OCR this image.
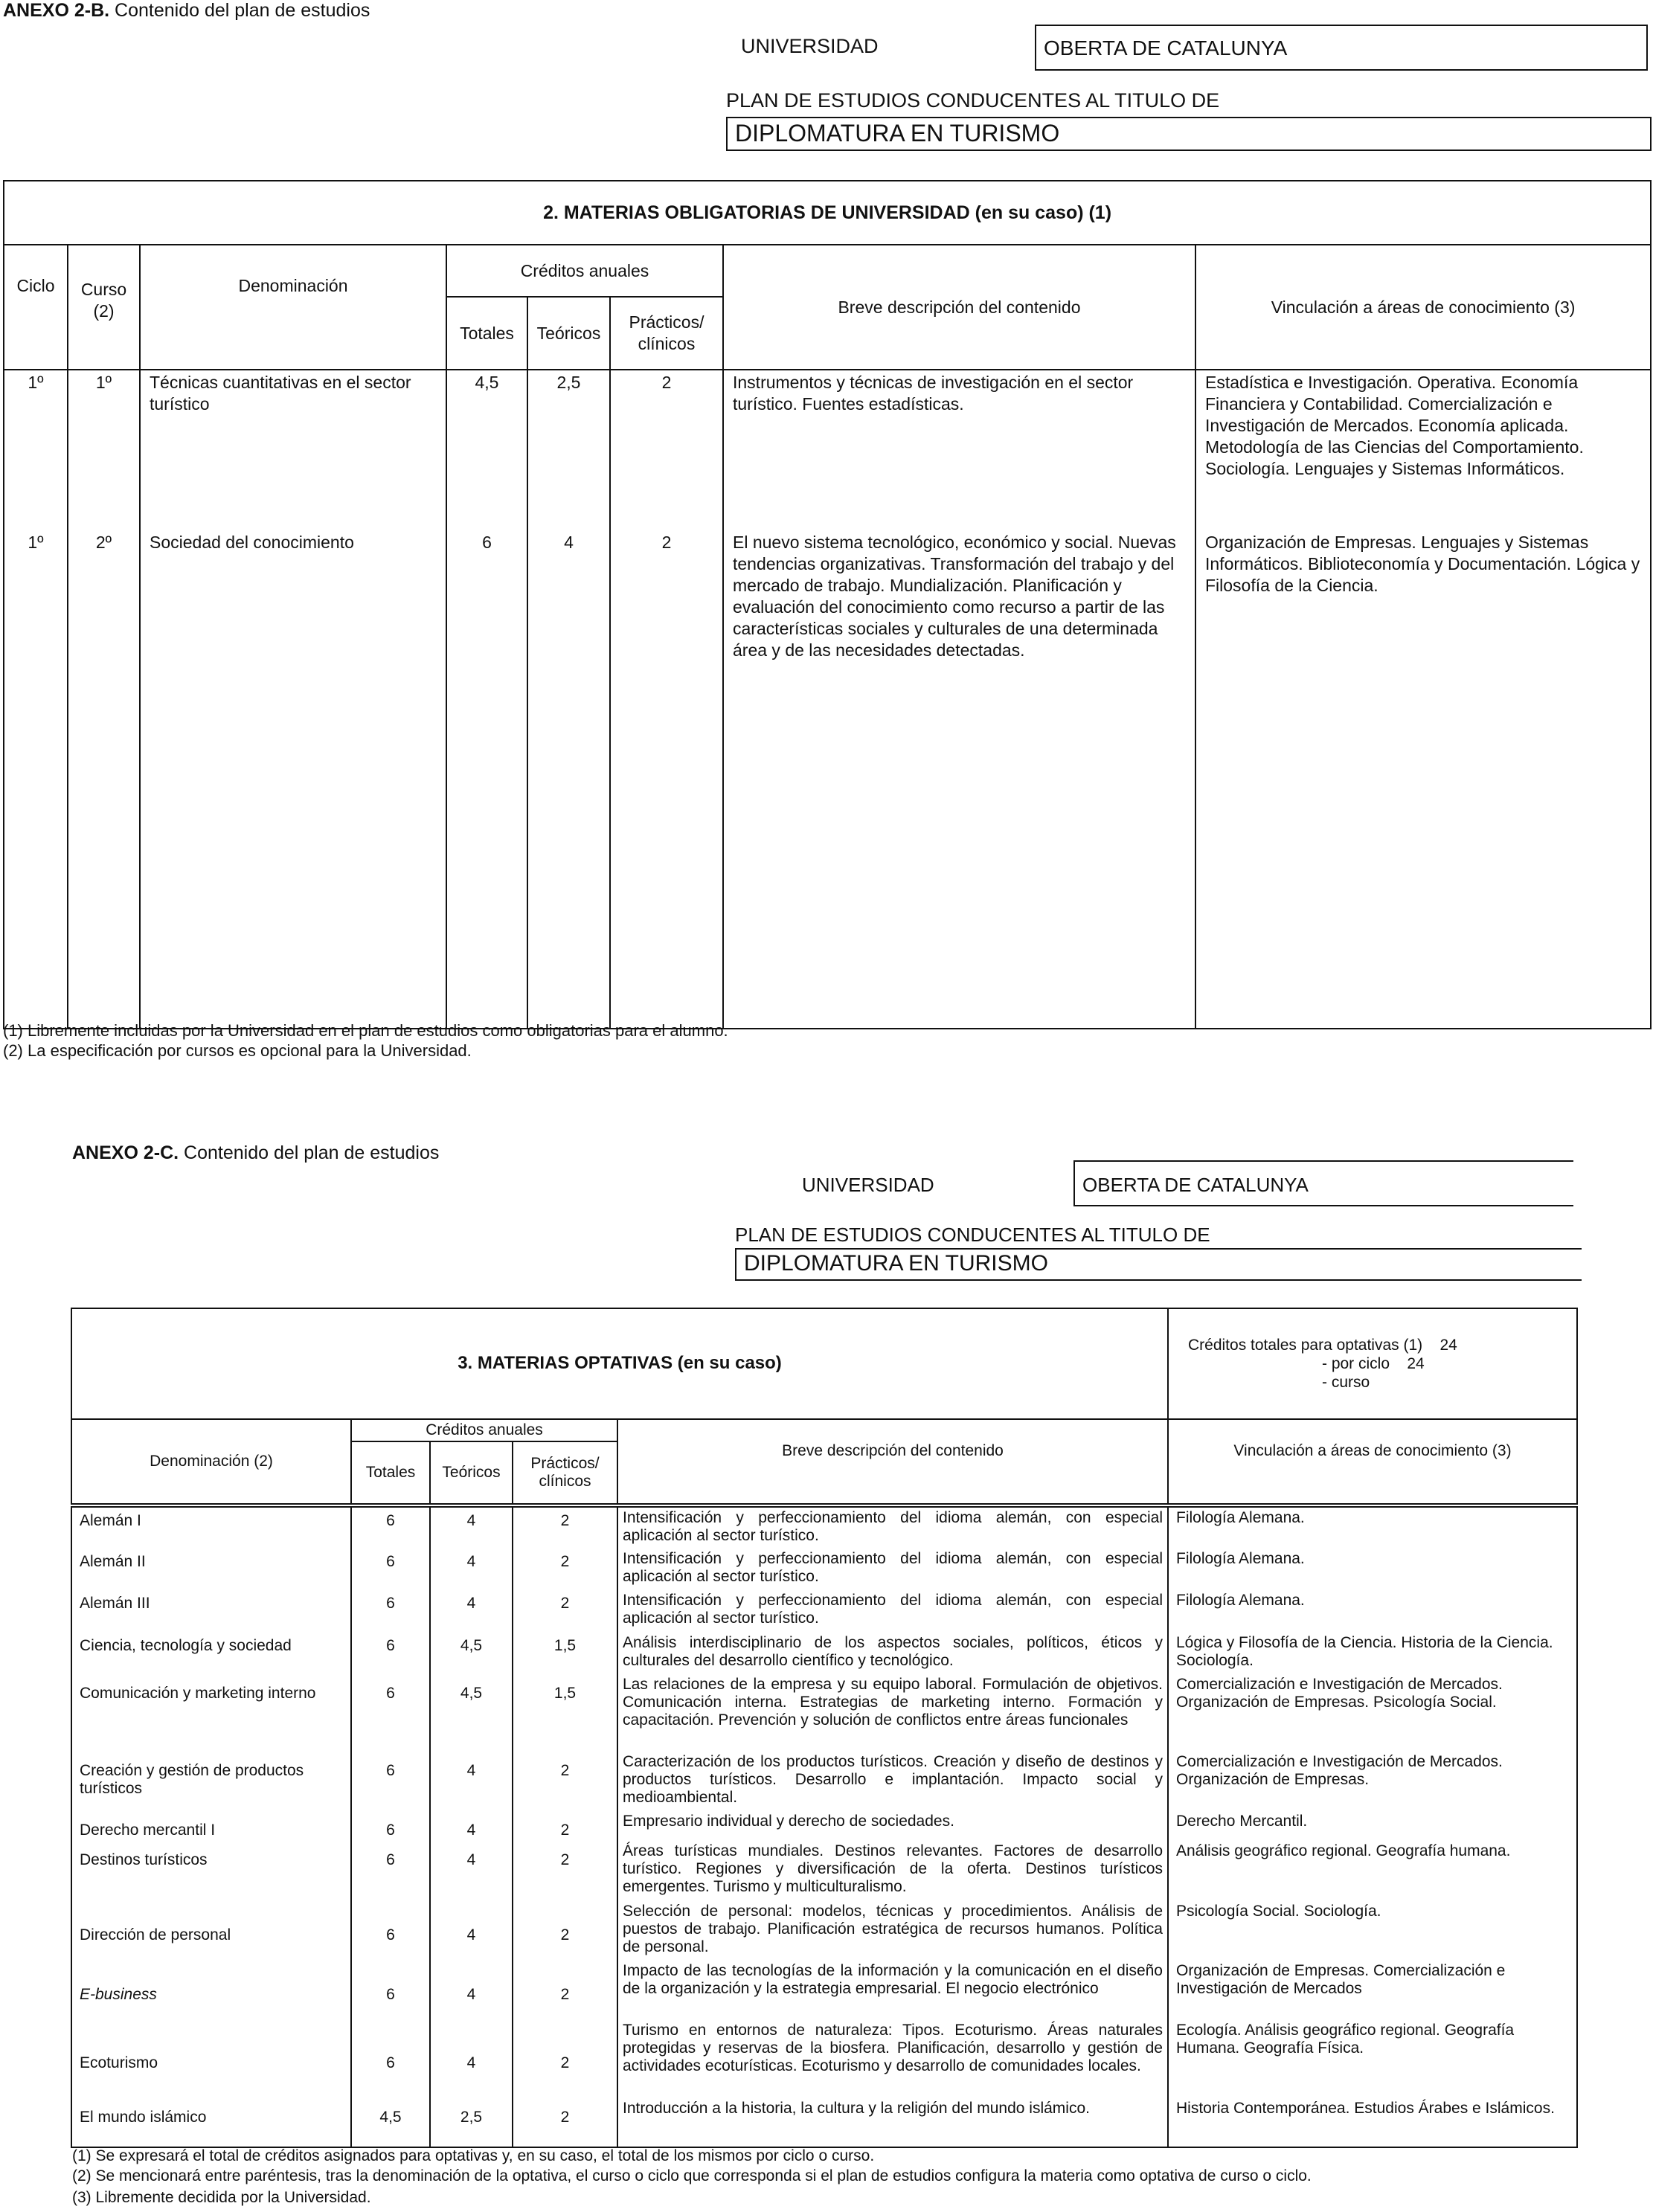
ANEXO 2-B. Contenido del plan de estudios
UNIVERSIDAD	OBERTA DE CATALUNYA
PLAN DE ESTUDIOS CONDUCENTES AL TITULO DE
DIPLOMATURA EN TURISMO
2. MATERIAS OBLIGATORIAS DE UNIVERSIDAD (en su caso) (1)							
Ciclo	Curso (2)	Denominación	Créditos anuales			Breve descripción del contenido	Vinculación a áreas de conocimiento (3)
			Totales	Teóricos	Prácticos/ clínicos		
1º	1º	Técnicas cuantitativas en el sector turístico	4,5	2,5	2	Instrumentos y técnicas de investigación en el sector turístico. Fuentes estadísticas.	Estadística e Investigación. Operativa. Economía Financiera y Contabilidad. Comercialización e Investigación de Mercados. Economía aplicada. Metodología de las Ciencias del Comportamiento. Sociología. Lenguajes y Sistemas Informáticos.
1º	2º	Sociedad del conocimiento	6	4	2	El nuevo sistema tecnológico, económico y social. Nuevas tendencias organizativas. Transformación del trabajo y del mercado de trabajo. Mundialización. Planificación y evaluación del conocimiento como recurso a partir de las características sociales y culturales de una determinada área y de las necesidades detectadas.	Organización de Empresas. Lenguajes y Sistemas Informáticos. Biblioteconomía y Documentación. Lógica y Filosofía de la Ciencia.
(1) Libremente incluidas por la Universidad en el plan de estudios como obligatorias para el alumno.
(2) La especificación por cursos es opcional para la Universidad.
ANEXO 2-C. Contenido del plan de estudios
UNIVERSIDAD	OBERTA DE CATALUNYA
PLAN DE ESTUDIOS CONDUCENTES AL TITULO DE
DIPLOMATURA EN TURISMO
3. MATERIAS OPTATIVAS (en su caso)					Créditos totales para optativas (1) 24
- por ciclo 24
- curso

Denominación (2)	Créditos anuales			Breve descripción del contenido	Vinculación a áreas de conocimiento (3)
	Totales	Teóricos	Prácticos/ clínicos		

Alemán I	6	4	2	Intensificación y perfeccionamiento del idioma alemán, con especial aplicación al sector turístico.	Filología Alemana.
Alemán II	6	4	2	Intensificación y perfeccionamiento del idioma alemán, con especial aplicación al sector turístico.	Filología Alemana.
Alemán III	6	4	2	Intensificación y perfeccionamiento del idioma alemán, con especial aplicación al sector turístico.	Filología Alemana.
Ciencia, tecnología y sociedad	6	4,5	1,5	Análisis interdisciplinario de los aspectos sociales, políticos, éticos y culturales del desarrollo científico y tecnológico.	Lógica y Filosofía de la Ciencia. Historia de la Ciencia. Sociología.
Comunicación y marketing interno	6	4,5	1,5	Las relaciones de la empresa y su equipo laboral. Formulación de objetivos. Comunicación interna. Estrategias de marketing interno. Formación y capacitación. Prevención y solución de conflictos entre áreas funcionales	Comercialización e Investigación de Mercados. Organización de Empresas. Psicología Social.
Creación y gestión de productos turísticos	6	4	2	Caracterización de los productos turísticos. Creación y diseño de destinos y productos turísticos. Desarrollo e implantación. Impacto social y medioambiental.	Comercialización e Investigación de Mercados. Organización de Empresas.
Derecho mercantil I	6	4	2	Empresario individual y derecho de sociedades.	Derecho Mercantil.
Destinos turísticos	6	4	2	Áreas turísticas mundiales. Destinos relevantes. Factores de desarrollo turístico. Regiones y diversificación de la oferta. Destinos turísticos emergentes. Turismo y multiculturalismo.	Análisis geográfico regional. Geografía humana.
Dirección de personal	6	4	2	Selección de personal: modelos, técnicas y procedimientos. Análisis de puestos de trabajo. Planificación estratégica de recursos humanos. Política de personal.	Psicología Social. Sociología.
E-business	6	4	2	Impacto de las tecnologías de la información y la comunicación en el diseño de la organización y la estrategia empresarial. El negocio electrónico	Organización de Empresas. Comercialización e Investigación de Mercados
Ecoturismo	6	4	2	Turismo en entornos de naturaleza: Tipos. Ecoturismo. Áreas naturales protegidas y reservas de la biosfera. Planificación, desarrollo y gestión de actividades ecoturísticas. Ecoturismo y desarrollo de comunidades locales.	Ecología. Análisis geográfico regional. Geografía Humana. Geografía Física.
El mundo islámico	4,5	2,5	2	Introducción a la historia, la cultura y la religión del mundo islámico.	Historia Contemporánea. Estudios Árabes e Islámicos.
(1) Se expresará el total de créditos asignados para optativas y, en su caso, el total de los mismos por ciclo o curso.
(2) Se mencionará entre paréntesis, tras la denominación de la optativa, el curso o ciclo que corresponda si el plan de estudios configura la materia como optativa de curso o ciclo.
(3) Libremente decidida por la Universidad.
